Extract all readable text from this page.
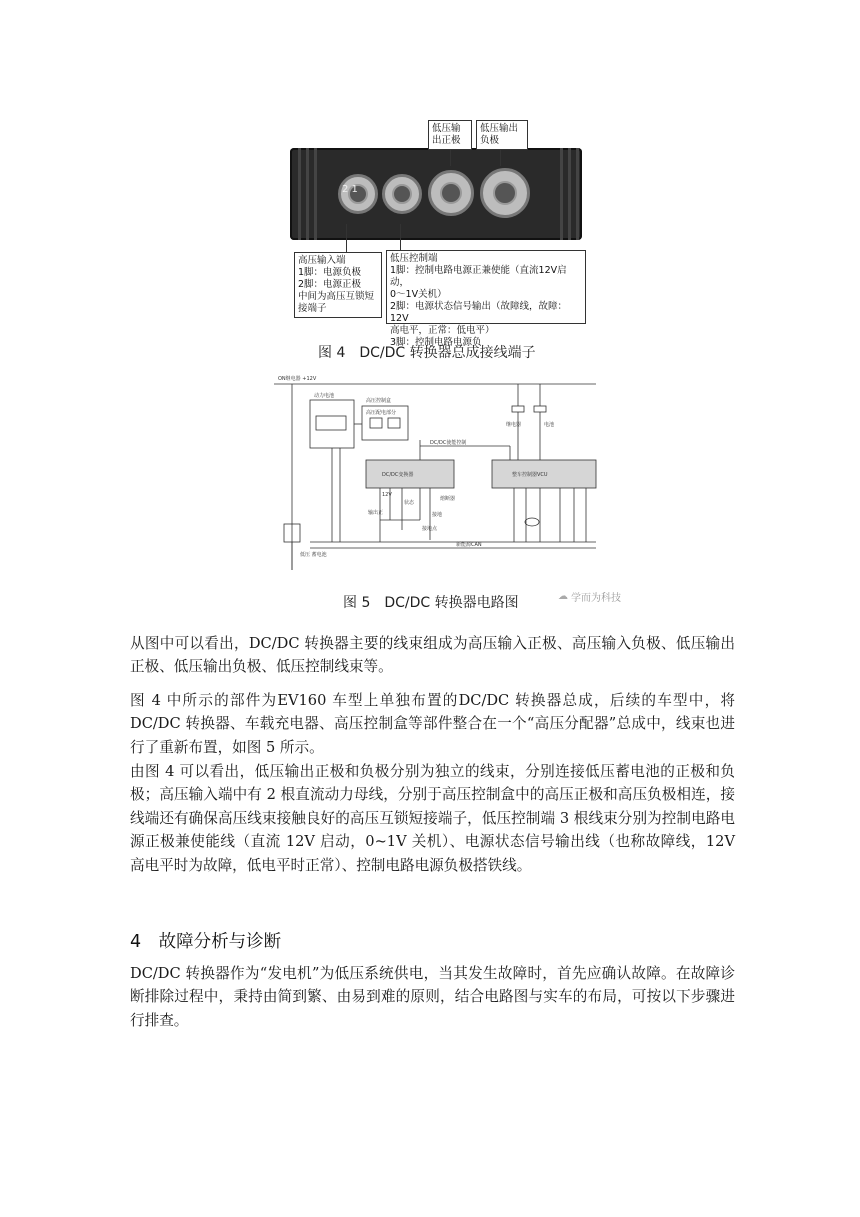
2 1
低压输
出正极
低压输出
负极
高压输入端
1脚：电源负极
2脚：电源正极
中间为高压互锁短
接端子
低压控制端
1脚：控制电路电源正兼使能（直流12V启动，
0～1V关机）
2脚：电源状态信号输出（故障线，故障：12V
高电平，正常：低电平）
3脚：控制电路电源负
图 4　DC/DC 转换器总成接线端子
ON继电器 +12V
动力电池
高压控制盒
高压配电部分
DC/DC变换器	整车控制器VCU
DC/DC使能控制
新能源CAN
低压 蓄电池
12V
状态
接地
输出正
熔断器
接地点
继电器	电池
图 5　DC/DC 转换器电路图	☁ 学而为科技

从图中可以看出，DC/DC 转换器主要的线束组成为高压输入正极、高压输入负极、低压输出正极、低压输出负极、低压控制线束等。

图 4 中所示的部件为EV160 车型上单独布置的DC/DC 转换器总成，后续的车型中，将 DC/DC 转换器、车载充电器、高压控制盒等部件整合在一个“高压分配器”总成中，线束也进行了重新布置，如图 5 所示。

由图 4 可以看出，低压输出正极和负极分别为独立的线束，分别连接低压蓄电池的正极和负极；高压输入端中有 2 根直流动力母线，分别于高压控制盒中的高压正极和高压负极相连，接线端还有确保高压线束接触良好的高压互锁短接端子，低压控制端 3 根线束分别为控制电路电源正极兼使能线（直流 12V 启动，0~1V 关机）、电源状态信号输出线（也称故障线，12V 高电平时为故障，低电平时正常）、控制电路电源负极搭铁线。

4　故障分析与诊断

DC/DC 转换器作为“发电机”为低压系统供电，当其发生故障时，首先应确认故障。在故障诊断排除过程中，秉持由简到繁、由易到难的原则，结合电路图与实车的布局，可按以下步骤进行排查。
